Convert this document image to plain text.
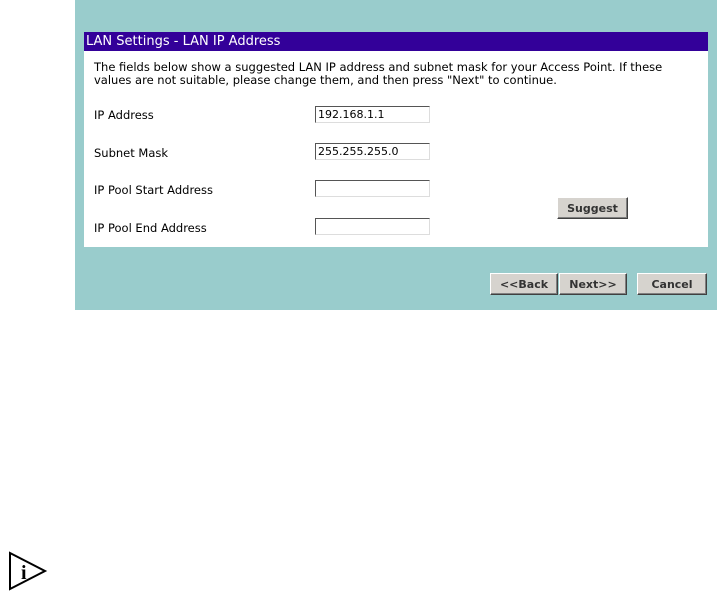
LAN Settings - LAN IP Address

The fields below show a suggested LAN IP address and subnet mask for your Access Point. If these values are not suitable, please change them, and then press "Next" to continue.

IP Address
192.168.1.1
Subnet Mask
255.255.255.0
IP Pool Start Address
IP Pool End Address
Suggest
<<Back	Next>>	Cancel
i
